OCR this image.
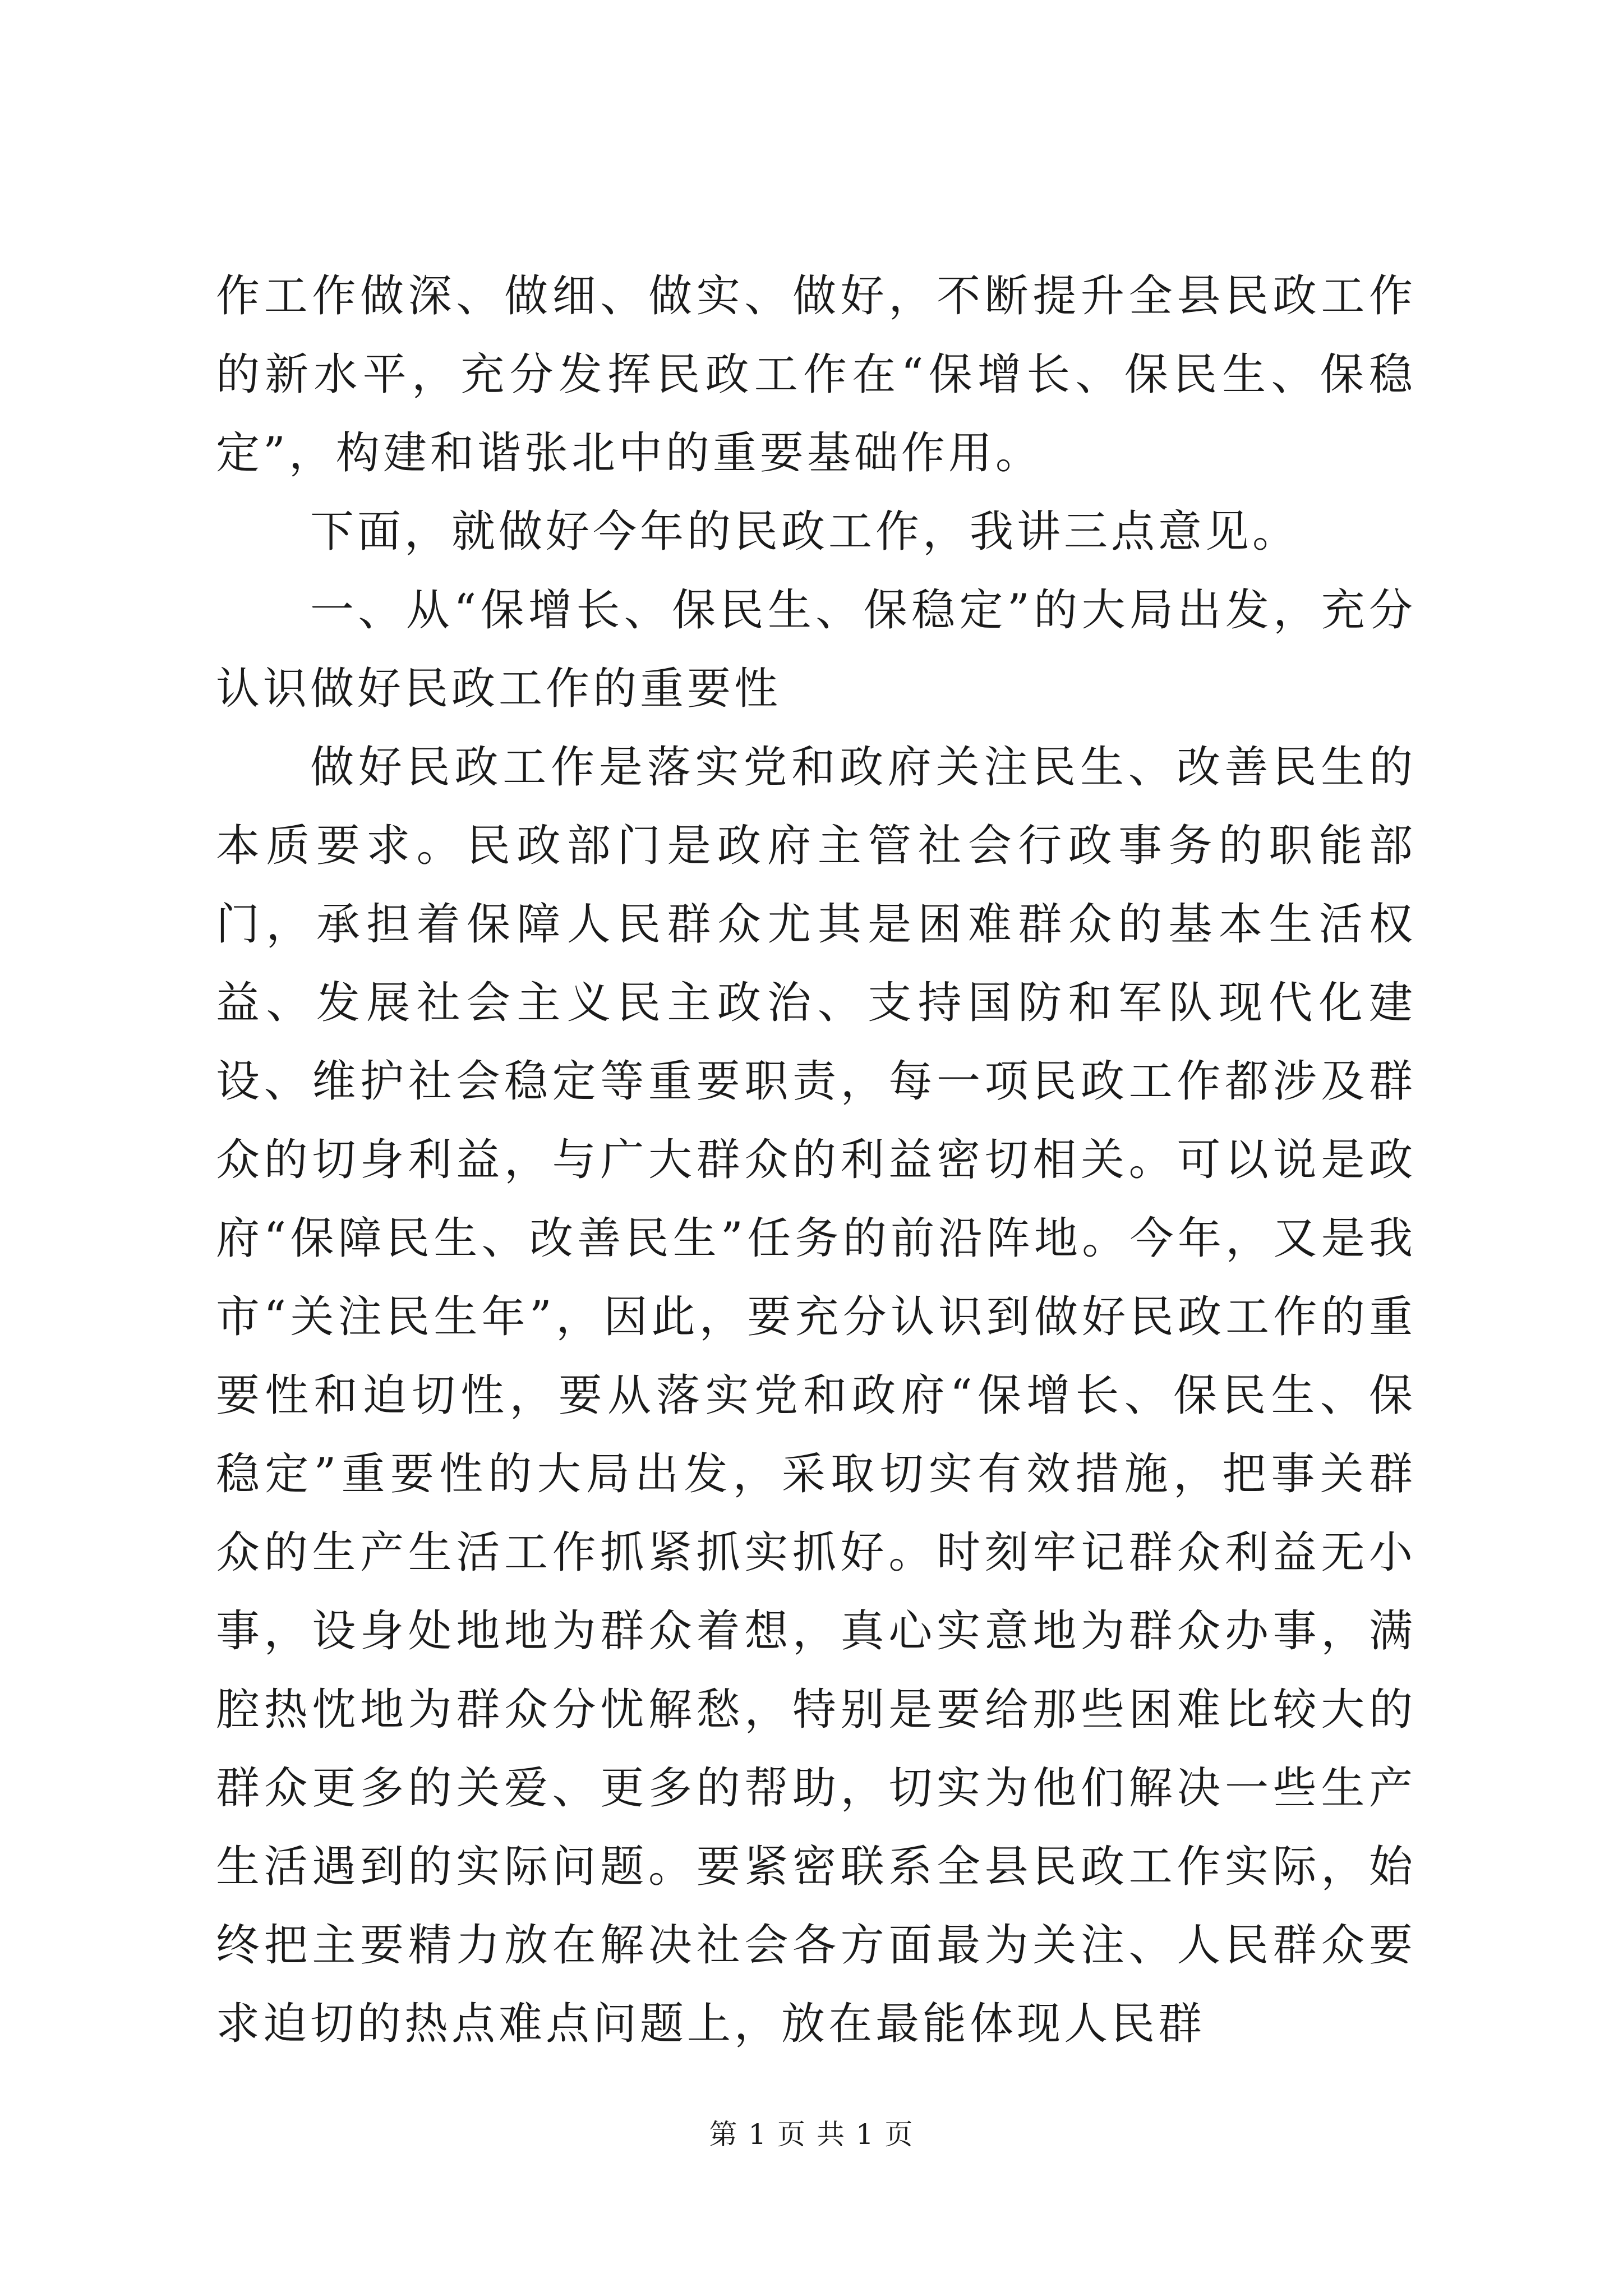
作工作做深、做细、做实、做好，不断提升全县民政工作的新水平，充分发挥民政工作在“保增长、保民生、保稳定”，构建和谐张北中的重要基础作用。

下面，就做好今年的民政工作，我讲三点意见。

一、从“保增长、保民生、保稳定”的大局出发，充分认识做好民政工作的重要性

做好民政工作是落实党和政府关注民生、改善民生的本质要求。民政部门是政府主管社会行政事务的职能部门，承担着保障人民群众尤其是困难群众的基本生活权益、发展社会主义民主政治、支持国防和军队现代化建设、维护社会稳定等重要职责，每一项民政工作都涉及群众的切身利益，与广大群众的利益密切相关。可以说是政府“保障民生、改善民生”任务的前沿阵地。今年，又是我市“关注民生年”，因此，要充分认识到做好民政工作的重要性和迫切性，要从落实党和政府“保增长、保民生、保稳定”重要性的大局出发，采取切实有效措施，把事关群众的生产生活工作抓紧抓实抓好。时刻牢记群众利益无小事，设身处地地为群众着想，真心实意地为群众办事，满腔热忱地为群众分忧解愁，特别是要给那些困难比较大的群众更多的关爱、更多的帮助，切实为他们解决一些生产生活遇到的实际问题。要紧密联系全县民政工作实际，始终把主要精力放在解决社会各方面最为关注、人民群众要求迫切的热点难点问题上，放在最能体现人民群

第 1 页 共 1 页
